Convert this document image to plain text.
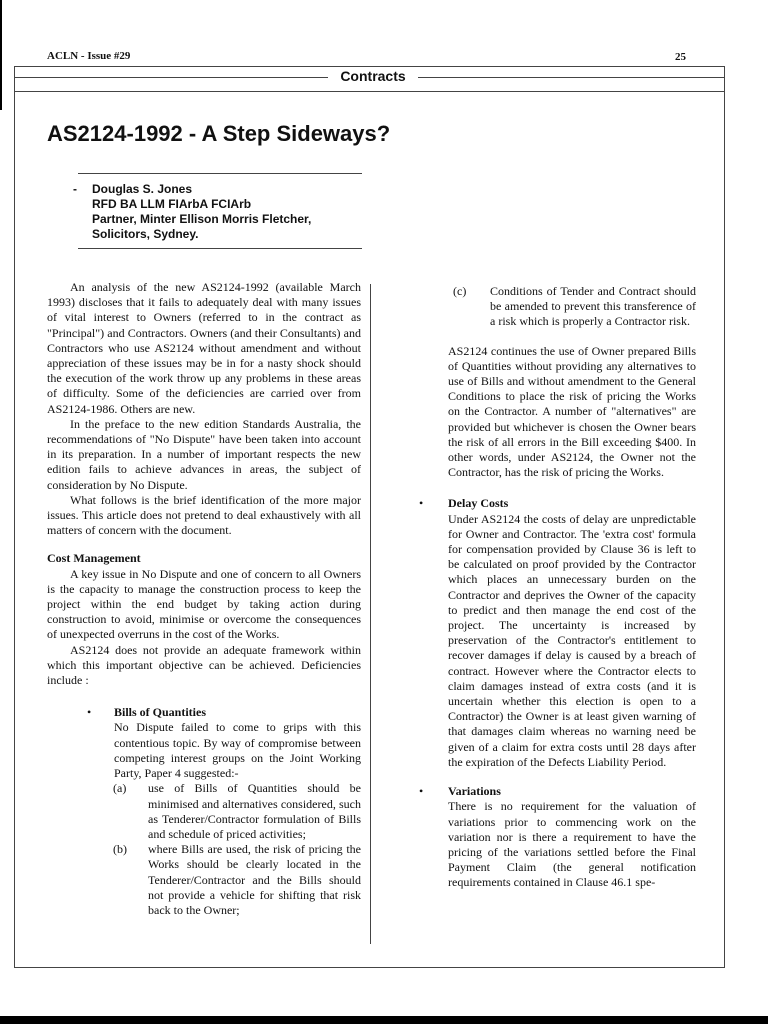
ACLN - Issue #29	25
Contracts
AS2124-1992 - A Step Sideways?
- Douglas S. Jones
RFD BA LLM FIArbA FCIArb
Partner, Minter Ellison Morris Fletcher,
Solicitors, Sydney.

An analysis of the new AS2124-1992 (available March 1993) discloses that it fails to adequately deal with many issues of vital interest to Owners (referred to in the contract as "Principal") and Contractors. Owners (and their Consultants) and Contractors who use AS2124 without amendment and without appreciation of these issues may be in for a nasty shock should the execution of the work throw up any problems in these areas of difficulty. Some of the deficiencies are carried over from AS2124-1986. Others are new.

In the preface to the new edition Standards Australia, the recommendations of "No Dispute" have been taken into account in its preparation. In a number of important respects the new edition fails to achieve advances in areas, the subject of consideration by No Dispute.

What follows is the brief identification of the more major issues. This article does not pretend to deal exhaustively with all matters of concern with the document.

Cost Management

A key issue in No Dispute and one of concern to all Owners is the capacity to manage the construction process to keep the project within the end budget by taking action during construction to avoid, minimise or overcome the consequences of unexpected overruns in the cost of the Works.

AS2124 does not provide an adequate framework within which this important objective can be achieved. Deficiencies include :

• Bills of Quantities

No Dispute failed to come to grips with this contentious topic. By way of compromise between competing interest groups on the Joint Working Party, Paper 4 suggested:-

(a) use of Bills of Quantities should be minimised and alternatives considered, such as Tenderer/Contractor formulation of Bills and schedule of priced activities;

(b) where Bills are used, the risk of pricing the Works should be clearly located in the Tenderer/Contractor and the Bills should not provide a vehicle for shifting that risk back to the Owner;

(c) Conditions of Tender and Contract should be amended to prevent this transference of a risk which is properly a Contractor risk.

AS2124 continues the use of Owner prepared Bills of Quantities without providing any alternatives to use of Bills and without amendment to the General Conditions to place the risk of pricing the Works on the Contractor. A number of "alternatives" are provided but whichever is chosen the Owner bears the risk of all errors in the Bill exceeding $400. In other words, under AS2124, the Owner not the Contractor, has the risk of pricing the Works.

• Delay Costs

Under AS2124 the costs of delay are unpredictable for Owner and Contractor. The 'extra cost' formula for compensation provided by Clause 36 is left to be calculated on proof provided by the Contractor which places an unnecessary burden on the Contractor and deprives the Owner of the capacity to predict and then manage the end cost of the project. The uncertainty is increased by preservation of the Contractor's entitlement to recover damages if delay is caused by a breach of contract. However where the Contractor elects to claim damages instead of extra costs (and it is uncertain whether this election is open to a Contractor) the Owner is at least given warning of that damages claim whereas no warning need be given of a claim for extra costs until 28 days after the expiration of the Defects Liability Period.

• Variations

There is no requirement for the valuation of variations prior to commencing work on the variation nor is there a requirement to have the pricing of the variations settled before the Final Payment Claim (the general notification requirements contained in Clause 46.1 spe-
